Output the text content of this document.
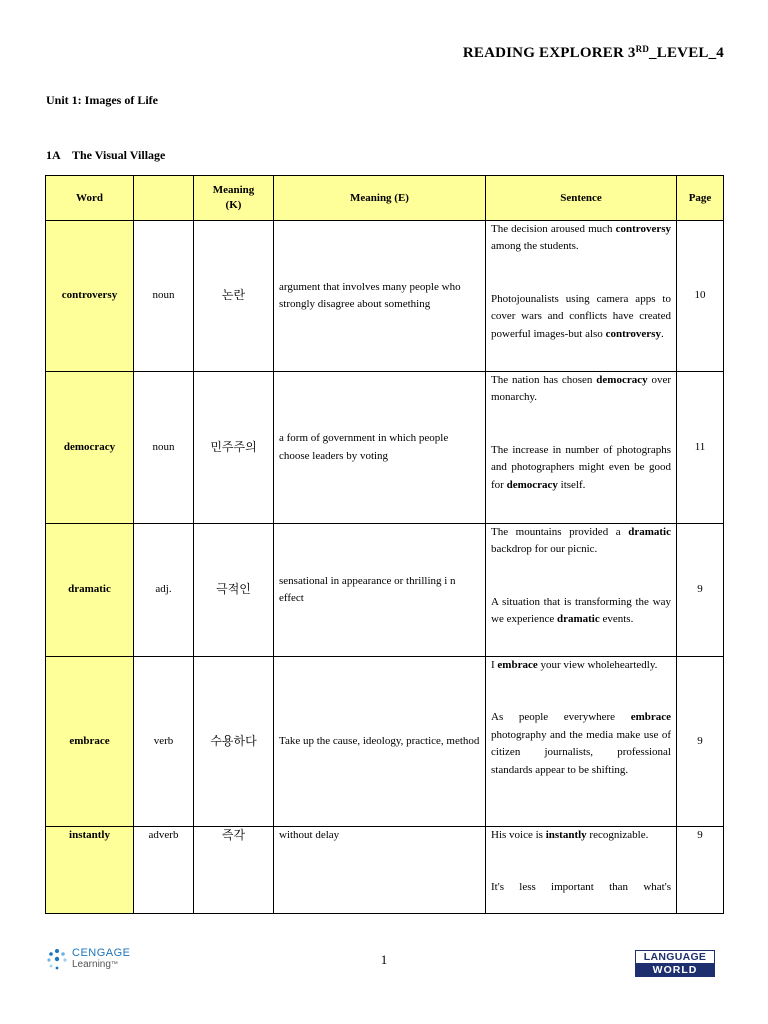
READING EXPLORER 3RD_LEVEL_4
Unit 1: Images of Life
1A The Visual Village
Word		Meaning
(K)	Meaning (E)	Sentence	Page
controversy	noun	논란	argument that involves many people who strongly disagree about something	The decision aroused much controversy among the students.

Photojounalists using camera apps to cover wars and conflicts have created powerful images-but also controversy.	10
democracy	noun	민주주의	a form of government in which people choose leaders by voting	The nation has chosen democracy over monarchy.

The increase in number of photographs and photographers might even be good for democracy itself.	11
dramatic	adj.	극적인	sensational in appearance or thrilling i n effect	The mountains provided a dramatic backdrop for our picnic.

A situation that is transforming the way we experience dramatic events.	9
embrace	verb	수용하다	Take up the cause, ideology, practice, method	I embrace your view wholeheartedly.

As people everywhere embrace photography and the media make use of citizen journalists, professional standards appear to be shifting.	9
instantly	adverb	즉각	without delay	His voice is instantly recognizable.

It's less important than what's	9
CENGAGE
Learning™	1	LANGUAGE
WORLD
